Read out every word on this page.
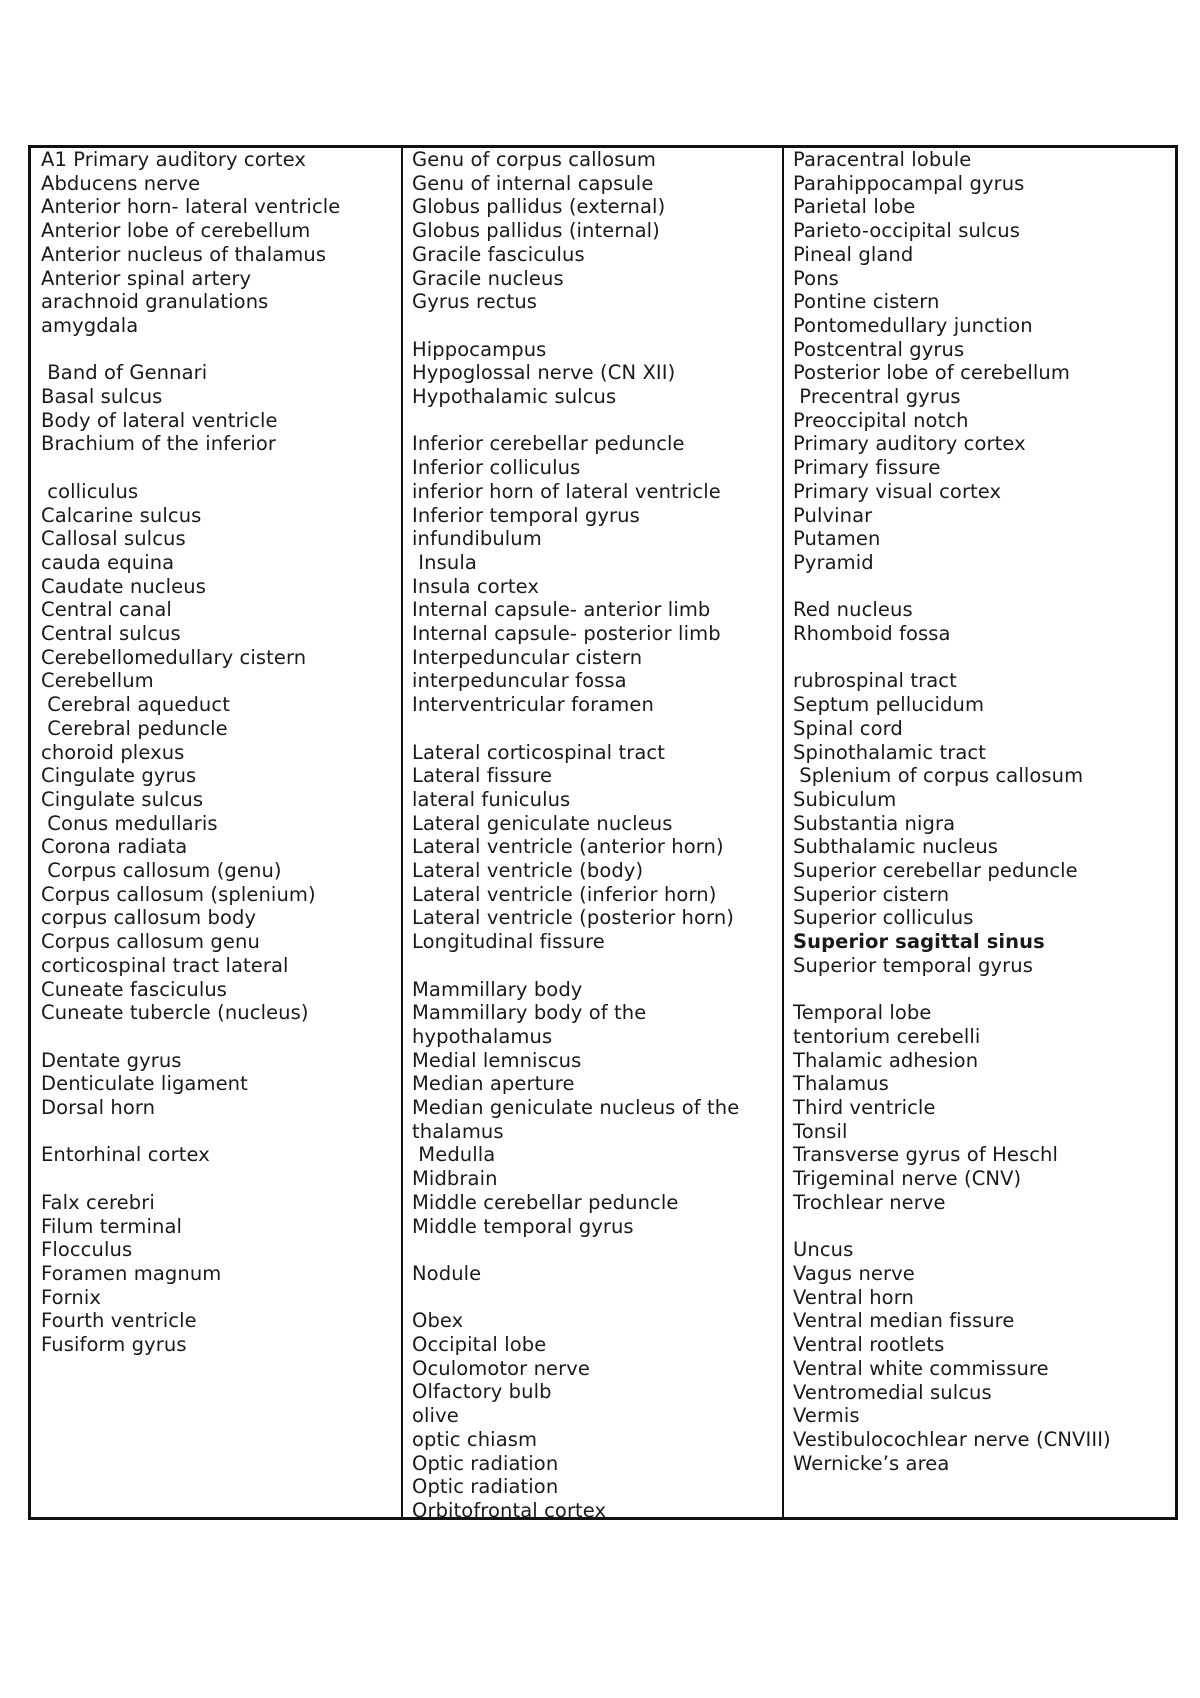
A1 Primary auditory cortex
Abducens nerve
Anterior horn- lateral ventricle
Anterior lobe of cerebellum
Anterior nucleus of thalamus
Anterior spinal artery
arachnoid granulations
amygdala
Band of Gennari
Basal sulcus
Body of lateral ventricle
Brachium of the inferior
colliculus
Calcarine sulcus
Callosal sulcus
cauda equina
Caudate nucleus
Central canal
Central sulcus
Cerebellomedullary cistern
Cerebellum
Cerebral aqueduct
Cerebral peduncle
choroid plexus
Cingulate gyrus
Cingulate sulcus
Conus medullaris
Corona radiata
Corpus callosum (genu)
Corpus callosum (splenium)
corpus callosum body
Corpus callosum genu
corticospinal tract lateral
Cuneate fasciculus
Cuneate tubercle (nucleus)
Dentate gyrus
Denticulate ligament
Dorsal horn
Entorhinal cortex
Falx cerebri
Filum terminal
Flocculus
Foramen magnum
Fornix
Fourth ventricle
Fusiform gyrus
Genu of corpus callosum
Genu of internal capsule
Globus pallidus (external)
Globus pallidus (internal)
Gracile fasciculus
Gracile nucleus
Gyrus rectus
Hippocampus
Hypoglossal nerve (CN XII)
Hypothalamic sulcus
Inferior cerebellar peduncle
Inferior colliculus
inferior horn of lateral ventricle
Inferior temporal gyrus
infundibulum
Insula
Insula cortex
Internal capsule- anterior limb
Internal capsule- posterior limb
Interpeduncular cistern
interpeduncular fossa
Interventricular foramen
Lateral corticospinal tract
Lateral fissure
lateral funiculus
Lateral geniculate nucleus
Lateral ventricle (anterior horn)
Lateral ventricle (body)
Lateral ventricle (inferior horn)
Lateral ventricle (posterior horn)
Longitudinal fissure
Mammillary body
Mammillary body of the
hypothalamus
Medial lemniscus
Median aperture
Median geniculate nucleus of the
thalamus
Medulla
Midbrain
Middle cerebellar peduncle
Middle temporal gyrus
Nodule
Obex
Occipital lobe
Oculomotor nerve
Olfactory bulb
olive
optic chiasm
Optic radiation
Optic radiation
Orbitofrontal cortex
Paracentral lobule
Parahippocampal gyrus
Parietal lobe
Parieto-occipital sulcus
Pineal gland
Pons
Pontine cistern
Pontomedullary junction
Postcentral gyrus
Posterior lobe of cerebellum
Precentral gyrus
Preoccipital notch
Primary auditory cortex
Primary fissure
Primary visual cortex
Pulvinar
Putamen
Pyramid
Red nucleus
Rhomboid fossa
rubrospinal tract
Septum pellucidum
Spinal cord
Spinothalamic tract
Splenium of corpus callosum
Subiculum
Substantia nigra
Subthalamic nucleus
Superior cerebellar peduncle
Superior cistern
Superior colliculus
Superior sagittal sinus
Superior temporal gyrus
Temporal lobe
tentorium cerebelli
Thalamic adhesion
Thalamus
Third ventricle
Tonsil
Transverse gyrus of Heschl
Trigeminal nerve (CNV)
Trochlear nerve
Uncus
Vagus nerve
Ventral horn
Ventral median fissure
Ventral rootlets
Ventral white commissure
Ventromedial sulcus
Vermis
Vestibulocochlear nerve (CNVIII)
Wernicke’s area
